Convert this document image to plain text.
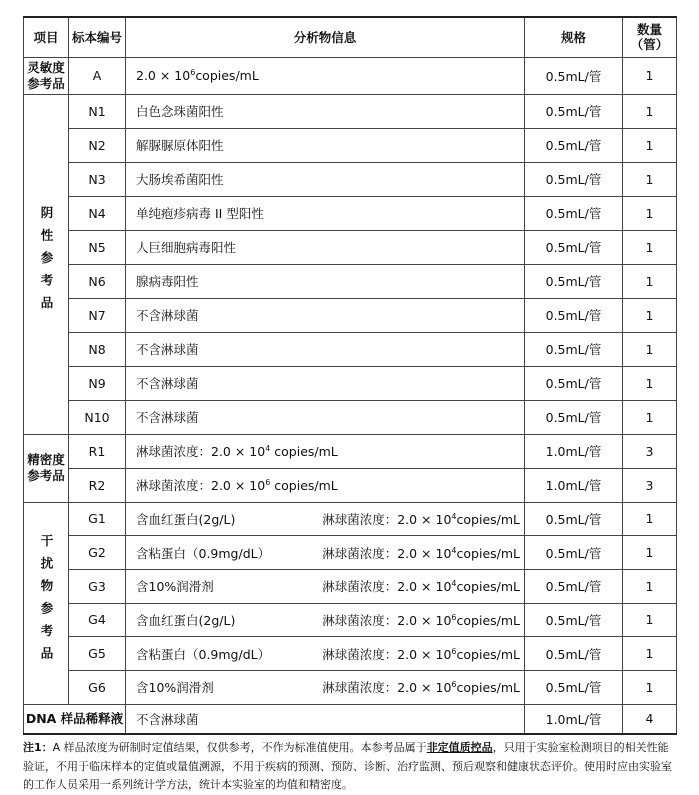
项目	标本编号	分析物信息	规格	数量（管）
灵敏度参考品	A	$2.0 \times 10^6copies/mL$	0.5mL/管	1
阴性参考品	N1	白色念珠菌阳性	0.5mL/管	1
	N2	解脲脲原体阳性	0.5mL/管	1
	N3	大肠埃希菌阳性	0.5mL/管	1
	N4	单纯疱疹病毒 II 型阳性	0.5mL/管	1
	N5	人巨细胞病毒阳性	0.5mL/管	1
	N6	腺病毒阳性	0.5mL/管	1
	N7	不含淋球菌	0.5mL/管	1
	N8	不含淋球菌	0.5mL/管	1
	N9	不含淋球菌	0.5mL/管	1
	N10	不含淋球菌	0.5mL/管	1
精密度参考品	R1	淋球菌浓度：$2.0 \times 10^4$ copies/mL	1.0mL/管	3
	R2	淋球菌浓度：$2.0 \times 10^6$ copies/mL	1.0mL/管	3
干扰物参考品	G1	含血红蛋白(2g/L) 淋球菌浓度：$2.0 \times 10^4copies/mL$	0.5mL/管	1
	G2	含粘蛋白（0.9mg/dL） 淋球菌浓度：$2.0 \times 10^4copies/mL$	0.5mL/管	1
	G3	含10%润滑剂 淋球菌浓度：$2.0 \times 10^4copies/mL$	0.5mL/管	1
	G4	含血红蛋白(2g/L) 淋球菌浓度：$2.0 \times 10^6copies/mL$	0.5mL/管	1
	G5	含粘蛋白（0.9mg/dL） 淋球菌浓度：$2.0 \times 10^6copies/mL$	0.5mL/管	1
	G6	含10%润滑剂 淋球菌浓度：$2.0 \times 10^6copies/mL$	0.5mL/管	1
DNA 样品稀释液		不含淋球菌	1.0mL/管	4
注1：A 样品浓度为研制时定值结果，仅供参考，不作为标准值使用。本参考品属于非定值质控品，只用于实验室检测项目的相关性能验证，不用于临床样本的定值或量值溯源，不用于疾病的预测、预防、诊断、治疗监测、预后观察和健康状态评价。使用时应由实验室的工作人员采用一系列统计学方法，统计本实验室的均值和精密度。
